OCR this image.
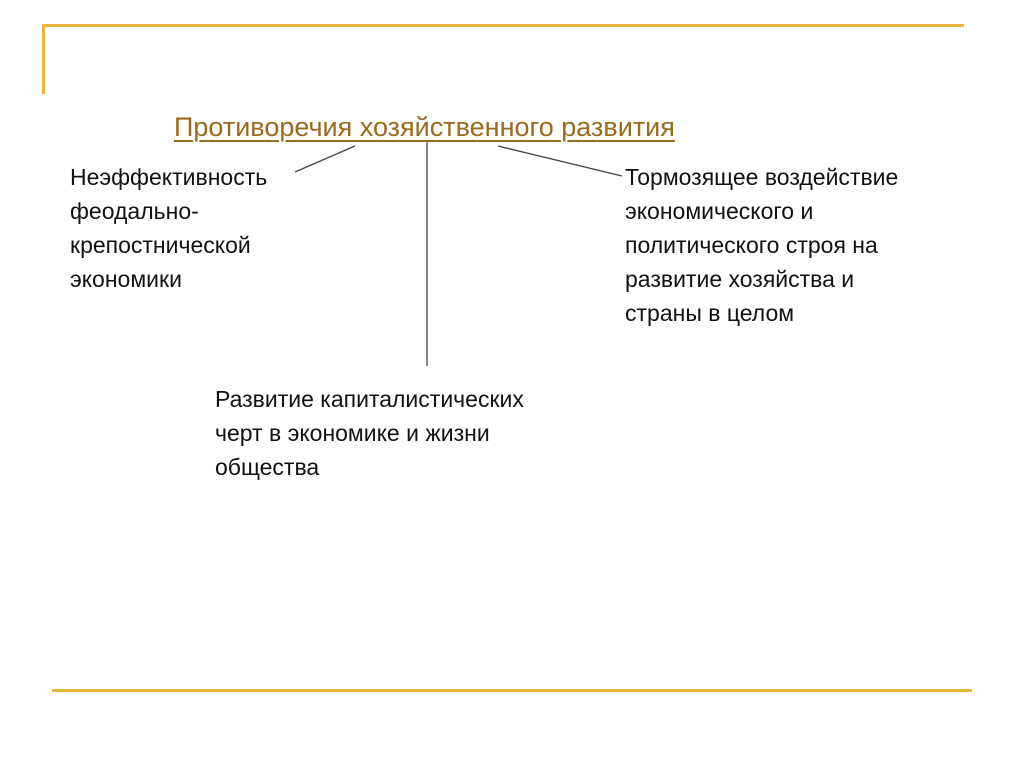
Противоречия хозяйственного развития
Неэффективность
феодально-
крепостнической
экономики
Тормозящее воздействие
экономического и
политического строя на
развитие хозяйства и
страны в целом
Развитие капиталистических
черт в экономике и жизни
общества
